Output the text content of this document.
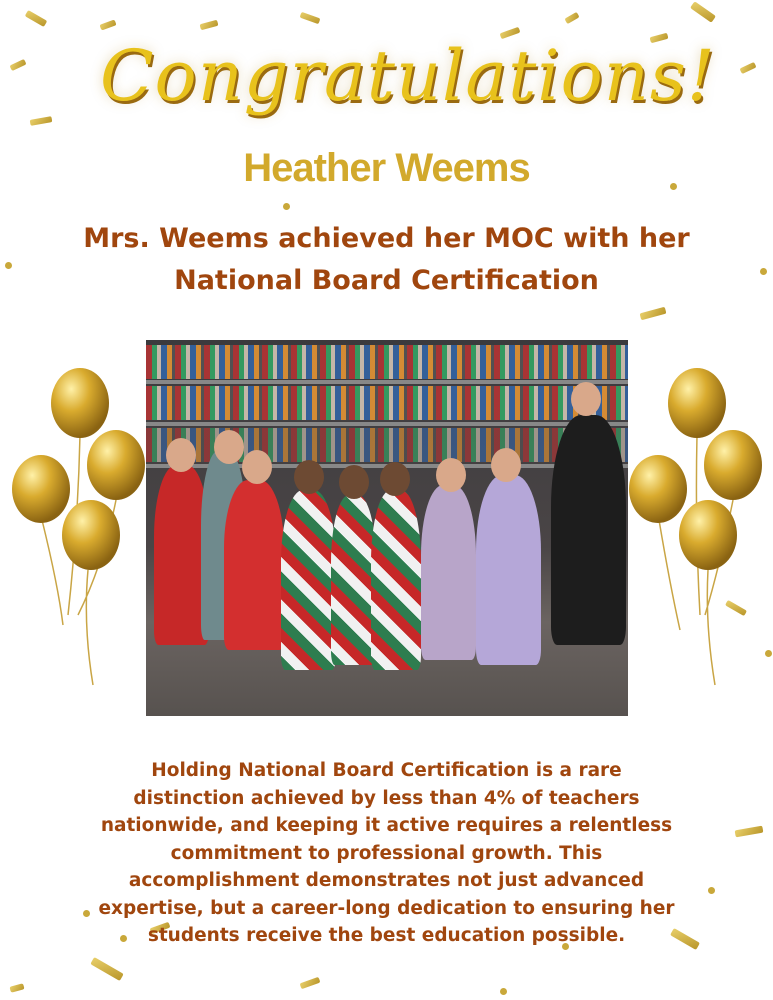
Congratulations!
Heather Weems
Mrs. Weems achieved her MOC with her National Board Certification
Holding National Board Certification is a rare distinction achieved by less than 4% of teachers nationwide, and keeping it active requires a relentless commitment to professional growth. This accomplishment demonstrates not just advanced expertise, but a career-long dedication to ensuring her students receive the best education possible.
